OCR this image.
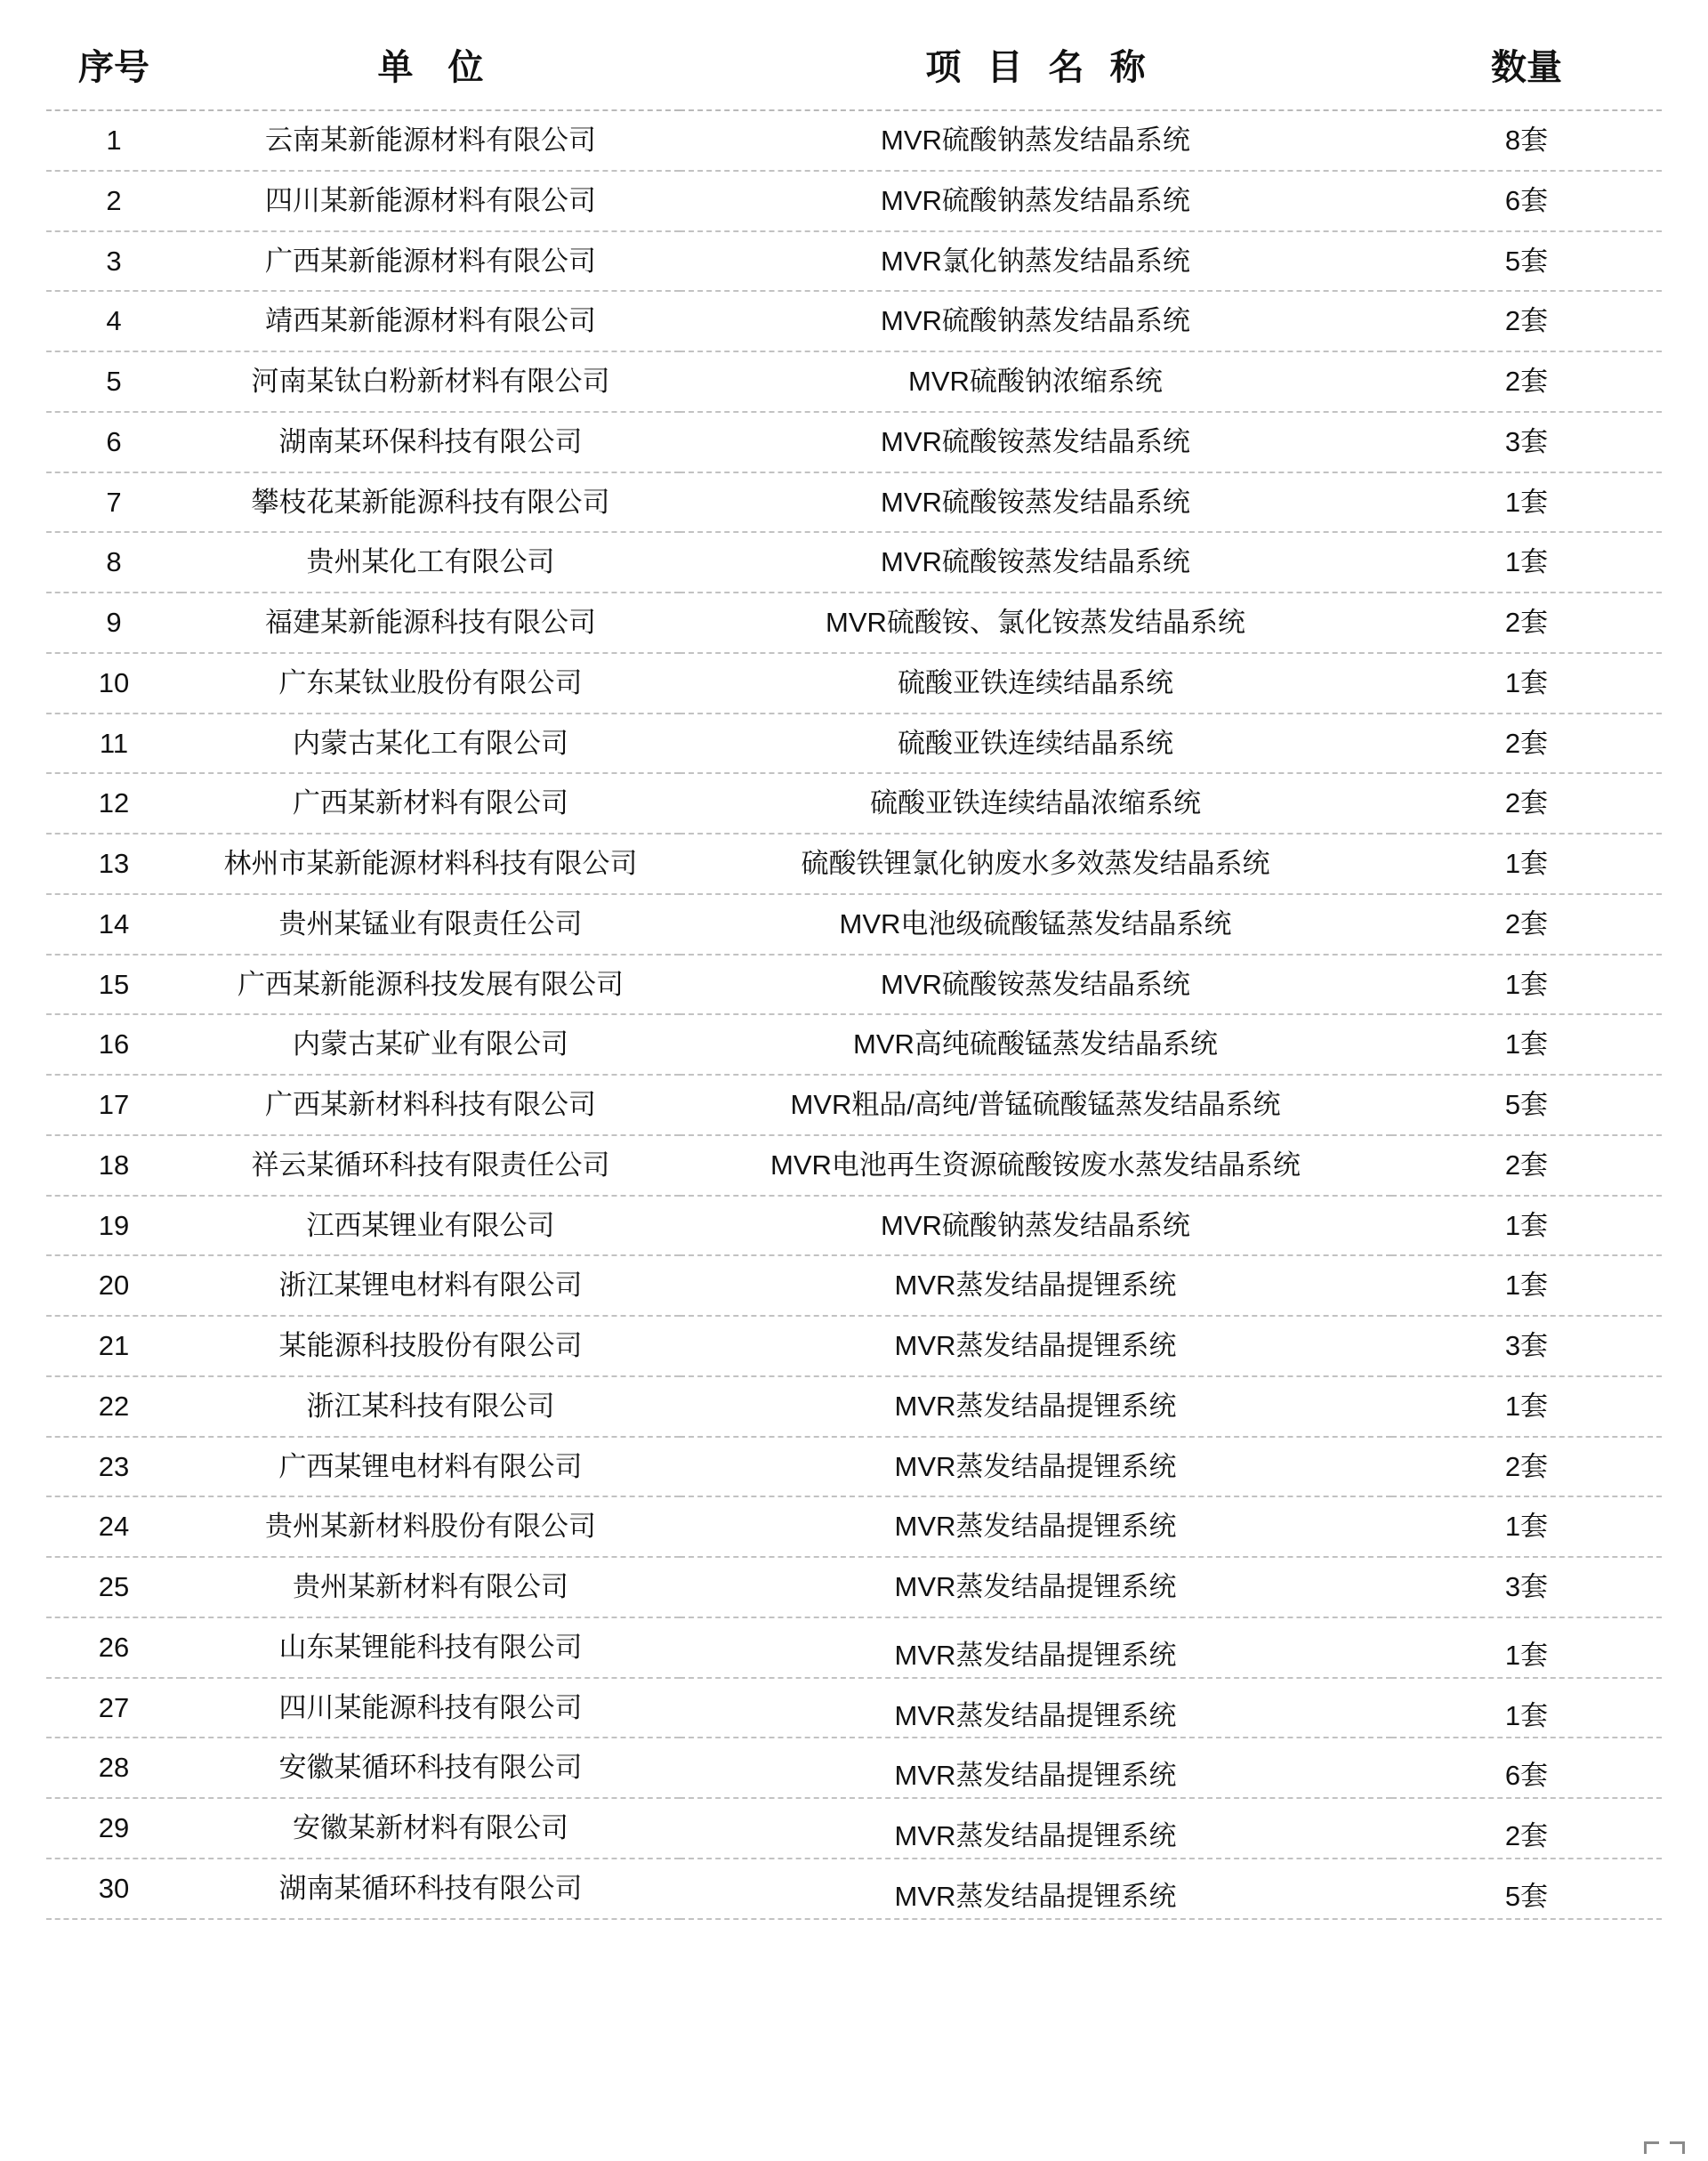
序号	单 位	项 目 名 称	数量
1	云南某新能源材料有限公司	MVR硫酸钠蒸发结晶系统	8套
2	四川某新能源材料有限公司	MVR硫酸钠蒸发结晶系统	6套
3	广西某新能源材料有限公司	MVR氯化钠蒸发结晶系统	5套
4	靖西某新能源材料有限公司	MVR硫酸钠蒸发结晶系统	2套
5	河南某钛白粉新材料有限公司	MVR硫酸钠浓缩系统	2套
6	湖南某环保科技有限公司	MVR硫酸铵蒸发结晶系统	3套
7	攀枝花某新能源科技有限公司	MVR硫酸铵蒸发结晶系统	1套
8	贵州某化工有限公司	MVR硫酸铵蒸发结晶系统	1套
9	福建某新能源科技有限公司	MVR硫酸铵、氯化铵蒸发结晶系统	2套
10	广东某钛业股份有限公司	硫酸亚铁连续结晶系统	1套
11	内蒙古某化工有限公司	硫酸亚铁连续结晶系统	2套
12	广西某新材料有限公司	硫酸亚铁连续结晶浓缩系统	2套
13	林州市某新能源材料科技有限公司	硫酸铁锂氯化钠废水多效蒸发结晶系统	1套
14	贵州某锰业有限责任公司	MVR电池级硫酸锰蒸发结晶系统	2套
15	广西某新能源科技发展有限公司	MVR硫酸铵蒸发结晶系统	1套
16	内蒙古某矿业有限公司	MVR高纯硫酸锰蒸发结晶系统	1套
17	广西某新材料科技有限公司	MVR粗品/高纯/普锰硫酸锰蒸发结晶系统	5套
18	祥云某循环科技有限责任公司	MVR电池再生资源硫酸铵废水蒸发结晶系统	2套
19	江西某锂业有限公司	MVR硫酸钠蒸发结晶系统	1套
20	浙江某锂电材料有限公司	MVR蒸发结晶提锂系统	1套
21	某能源科技股份有限公司	MVR蒸发结晶提锂系统	3套
22	浙江某科技有限公司	MVR蒸发结晶提锂系统	1套
23	广西某锂电材料有限公司	MVR蒸发结晶提锂系统	2套
24	贵州某新材料股份有限公司	MVR蒸发结晶提锂系统	1套
25	贵州某新材料有限公司	MVR蒸发结晶提锂系统	3套
26	山东某锂能科技有限公司	MVR蒸发结晶提锂系统	1套
27	四川某能源科技有限公司	MVR蒸发结晶提锂系统	1套
28	安徽某循环科技有限公司	MVR蒸发结晶提锂系统	6套
29	安徽某新材料有限公司	MVR蒸发结晶提锂系统	2套
30	湖南某循环科技有限公司	MVR蒸发结晶提锂系统	5套
